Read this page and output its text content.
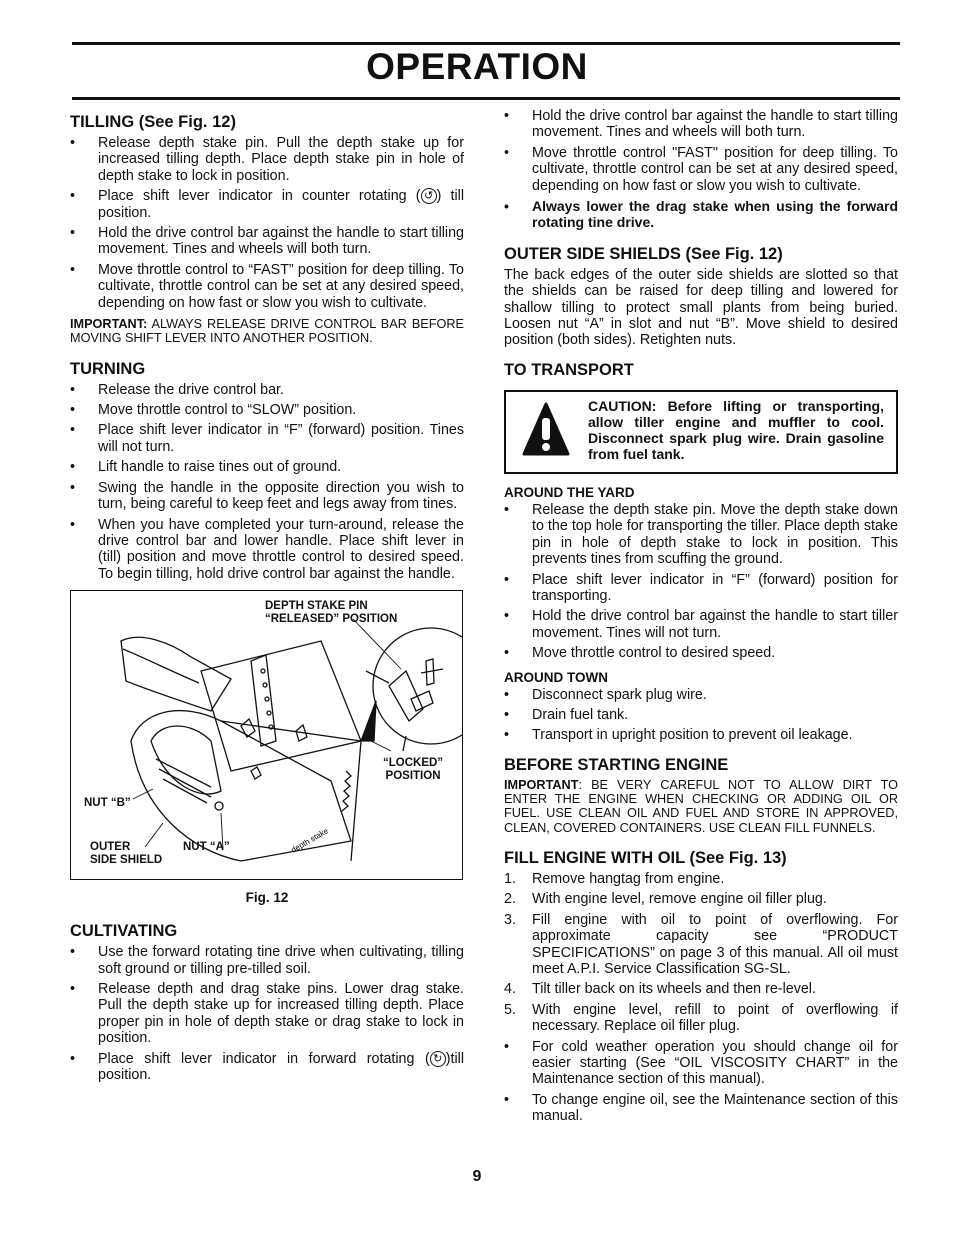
OPERATION
TILLING (See Fig. 12)
• Release depth stake pin. Pull the depth stake up for increased tilling depth. Place depth stake pin in hole of depth stake to lock in position.
• Place shift lever indicator in counter rotating ( ↺ ) till position.
• Hold the drive control bar against the handle to start tilling movement. Tines and wheels will both turn.
• Move throttle control to “FAST” position for deep tilling. To cultivate, throttle control can be set at any desired speed, depending on how fast or slow you wish to cultivate.
IMPORTANT: ALWAYS RELEASE DRIVE CONTROL BAR BEFORE MOVING SHIFT LEVER INTO ANOTHER POSITION.
TURNING
• Release the drive control bar.
• Move throttle control to “SLOW” position.
• Place shift lever indicator in “F” (forward) position. Tines will not turn.
• Lift handle to raise tines out of ground.
• Swing the handle in the opposite direction you wish to turn, being careful to keep feet and legs away from tines.
• When you have completed your turn-around, release the drive control bar and lower handle. Place shift lever in (till) position and move throttle control to desired speed. To begin tilling, hold drive control bar against the handle.
depth stake
DEPTH STAKE PIN
“RELEASED” POSITION
“LOCKED”
POSITION
NUT “B”
OUTER
SIDE SHIELD
NUT “A”
Fig. 12
CULTIVATING
• Use the forward rotating tine drive when cultivating, tilling soft ground or tilling pre-tilled soil.
• Release depth and drag stake pins. Lower drag stake. Pull the depth stake up for increased tilling depth. Place proper pin in hole of depth stake or drag stake to lock in position.
• Place shift lever indicator in forward rotating ( ↻ )till position.
• Hold the drive control bar against the handle to start tilling movement. Tines and wheels will both turn.
• Move throttle control "FAST" position for deep tilling. To cultivate, throttle control can be set at any desired speed, depending on how fast or slow you wish to cultivate.
• Always lower the drag stake when using the forward rotating tine drive.
OUTER SIDE SHIELDS (See Fig. 12)

The back edges of the outer side shields are slotted so that the shields can be raised for deep tilling and lowered for shallow tilling to protect small plants from being buried. Loosen nut “A” in slot and nut “B”. Move shield to desired position (both sides). Retighten nuts.

TO TRANSPORT
CAUTION: Before lifting or transporting, allow tiller engine and muffler to cool. Disconnect spark plug wire. Drain gasoline from fuel tank.
AROUND THE YARD
• Release the depth stake pin. Move the depth stake down to the top hole for transporting the tiller. Place depth stake pin in hole of depth stake to lock in position. This prevents tines from scuffing the ground.
• Place shift lever indicator in “F” (forward) position for transporting.
• Hold the drive control bar against the handle to start tiller movement. Tines will not turn.
• Move throttle control to desired speed.
AROUND TOWN
• Disconnect spark plug wire.
• Drain fuel tank.
• Transport in upright position to prevent oil leakage.
BEFORE STARTING ENGINE
IMPORTANT: BE VERY CAREFUL NOT TO ALLOW DIRT TO ENTER THE ENGINE WHEN CHECKING OR ADDING OIL OR FUEL. USE CLEAN OIL AND FUEL AND STORE IN APPROVED, CLEAN, COVERED CONTAINERS. USE CLEAN FILL FUNNELS.
FILL ENGINE WITH OIL (See Fig. 13)
1. Remove hangtag from engine.
2. With engine level, remove engine oil filler plug.
3. Fill engine with oil to point of overflowing. For approximate capacity see “PRODUCT SPECIFICATIONS” on page 3 of this manual. All oil must meet A.P.I. Service Classification SG-SL.
4. Tilt tiller back on its wheels and then re-level.
5. With engine level, refill to point of overflowing if necessary. Replace oil filler plug.
• For cold weather operation you should change oil for easier starting (See “OIL VISCOSITY CHART” in the Maintenance section of this manual).
• To change engine oil, see the Maintenance section of this manual.
9
